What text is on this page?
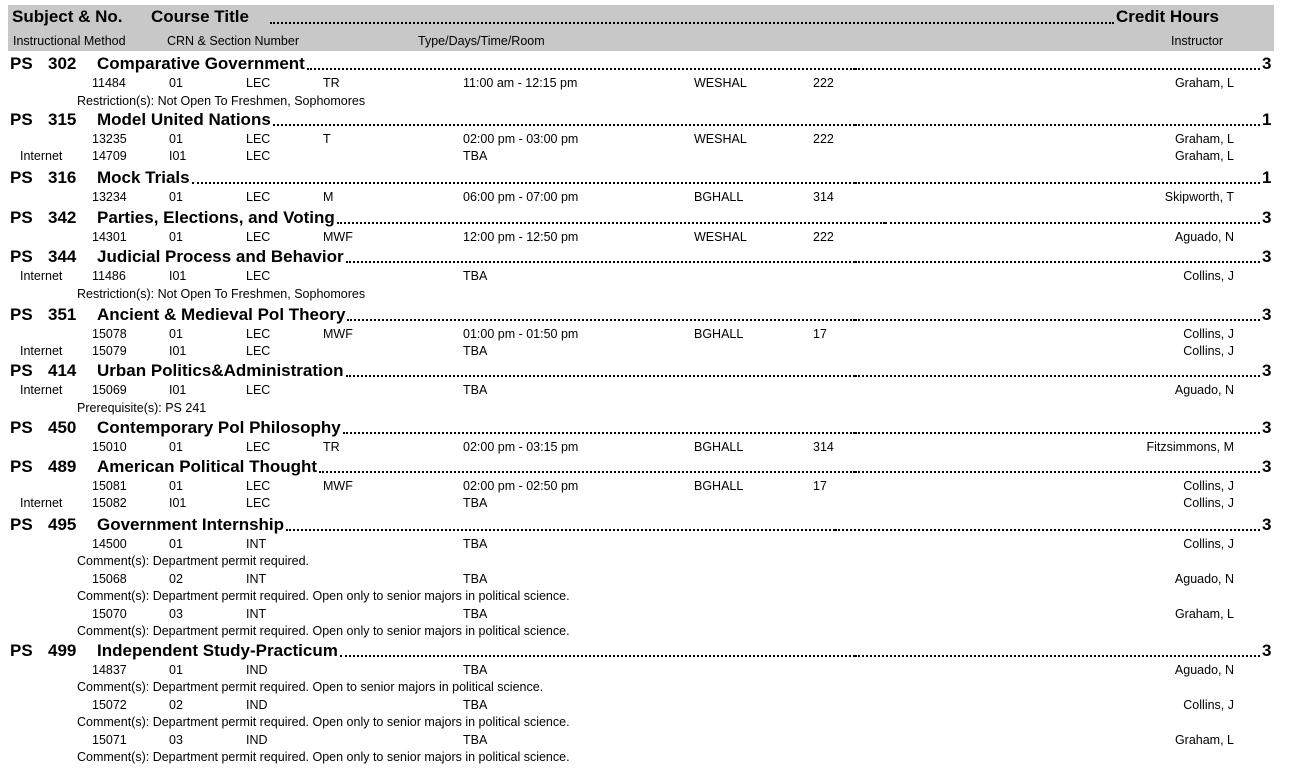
Subject & No. Course Title	Credit Hours
Instructional Method	CRN & Section Number	Type/Days/Time/Room	Instructor
PS 302 Comparative Government	3
11484	01	LEC	TR	11:00 am - 12:15 pm	WESHAL	222	Graham, L
Restriction(s): Not Open To Freshmen, Sophomores
PS 315 Model United Nations	1
13235	01	LEC	T	02:00 pm - 03:00 pm	WESHAL	222	Graham, L
Internet 14709	I01	LEC	TBA	Graham, L
PS 316 Mock Trials	1
13234	01	LEC	M	06:00 pm - 07:00 pm	BGHALL	314	Skipworth, T
PS 342 Parties, Elections, and Voting	3
14301	01	LEC	MWF	12:00 pm - 12:50 pm	WESHAL	222	Aguado, N
PS 344 Judicial Process and Behavior	3
Internet 11486	I01	LEC	TBA	Collins, J
Restriction(s): Not Open To Freshmen, Sophomores
PS 351 Ancient & Medieval Pol Theory	3
15078	01	LEC	MWF	01:00 pm - 01:50 pm	BGHALL	17	Collins, J
Internet 15079	I01	LEC	TBA	Collins, J
PS 414 Urban Politics&Administration	3
Internet 15069	I01	LEC	TBA	Aguado, N
Prerequisite(s): PS 241
PS 450 Contemporary Pol Philosophy	3
15010	01	LEC	TR	02:00 pm - 03:15 pm	BGHALL	314	Fitzsimmons, M
PS 489 American Political Thought	3
15081	01	LEC	MWF	02:00 pm - 02:50 pm	BGHALL	17	Collins, J
Internet 15082	I01	LEC	TBA	Collins, J
PS 495 Government Internship	3
14500	01	INT	TBA	Collins, J
Comment(s): Department permit required.
15068	02	INT	TBA	Aguado, N
Comment(s): Department permit required. Open only to senior majors in political science.
15070	03	INT	TBA	Graham, L
Comment(s): Department permit required. Open only to senior majors in political science.
PS 499 Independent Study-Practicum	3
14837	01	IND	TBA	Aguado, N
Comment(s): Department permit required. Open to senior majors in political science.
15072	02	IND	TBA	Collins, J
Comment(s): Department permit required. Open only to senior majors in political science.
15071	03	IND	TBA	Graham, L
Comment(s): Department permit required. Open only to senior majors in political science.
